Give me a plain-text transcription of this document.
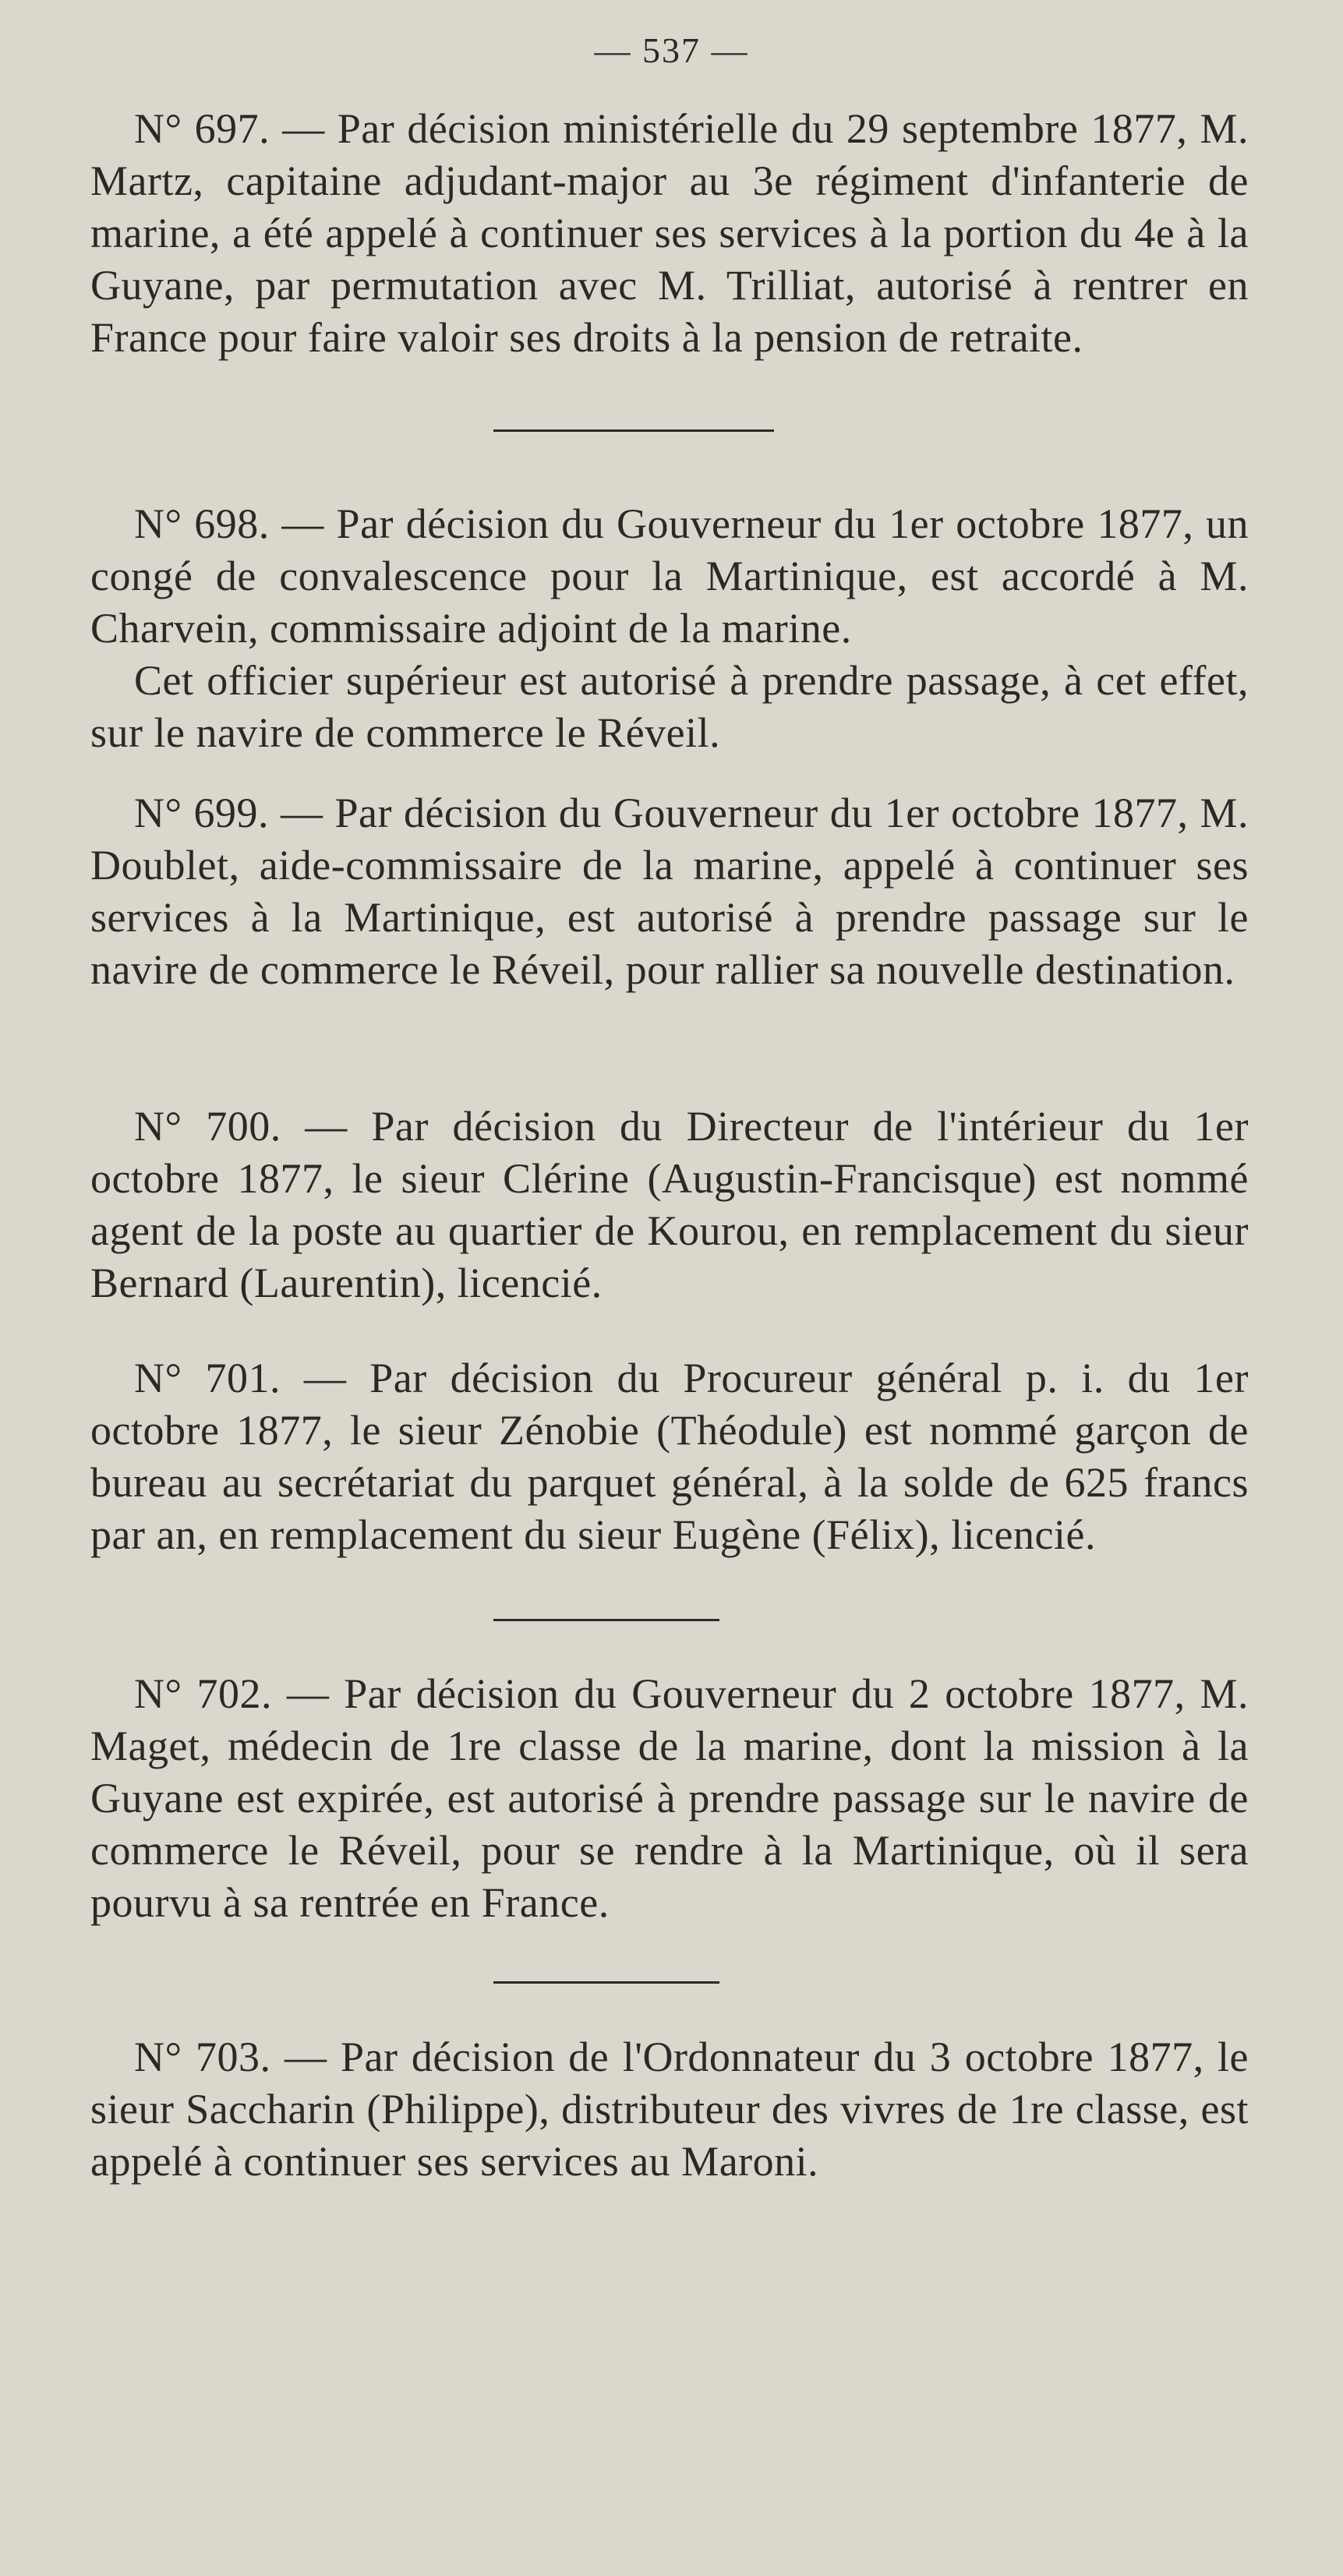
— 537 —

N° 697. — Par décision ministérielle du 29 septembre 1877, M. Martz, capitaine adjudant-major au 3e régiment d'infanterie de marine, a été appelé à continuer ses services à la portion du 4e à la Guyane, par permutation avec M. Trilliat, autorisé à rentrer en France pour faire valoir ses droits à la pension de retraite.

N° 698. — Par décision du Gouverneur du 1er octobre 1877, un congé de convalescence pour la Martinique, est accordé à M. Charvein, commissaire adjoint de la marine.

Cet officier supérieur est autorisé à prendre passage, à cet effet, sur le navire de commerce le Réveil.

N° 699. — Par décision du Gouverneur du 1er octobre 1877, M. Doublet, aide-commissaire de la marine, appelé à continuer ses services à la Martinique, est autorisé à prendre passage sur le navire de commerce le Réveil, pour rallier sa nouvelle destination.

N° 700. — Par décision du Directeur de l'intérieur du 1er octobre 1877, le sieur Clérine (Augustin-Francisque) est nommé agent de la poste au quartier de Kourou, en remplacement du sieur Bernard (Laurentin), licencié.

N° 701. — Par décision du Procureur général p. i. du 1er octobre 1877, le sieur Zénobie (Théodule) est nommé garçon de bureau au secrétariat du parquet général, à la solde de 625 francs par an, en remplacement du sieur Eugène (Félix), licencié.

N° 702. — Par décision du Gouverneur du 2 octobre 1877, M. Maget, médecin de 1re classe de la marine, dont la mission à la Guyane est expirée, est autorisé à prendre passage sur le navire de commerce le Réveil, pour se rendre à la Martinique, où il sera pourvu à sa rentrée en France.

N° 703. — Par décision de l'Ordonnateur du 3 octobre 1877, le sieur Saccharin (Philippe), distributeur des vivres de 1re classe, est appelé à continuer ses services au Maroni.
